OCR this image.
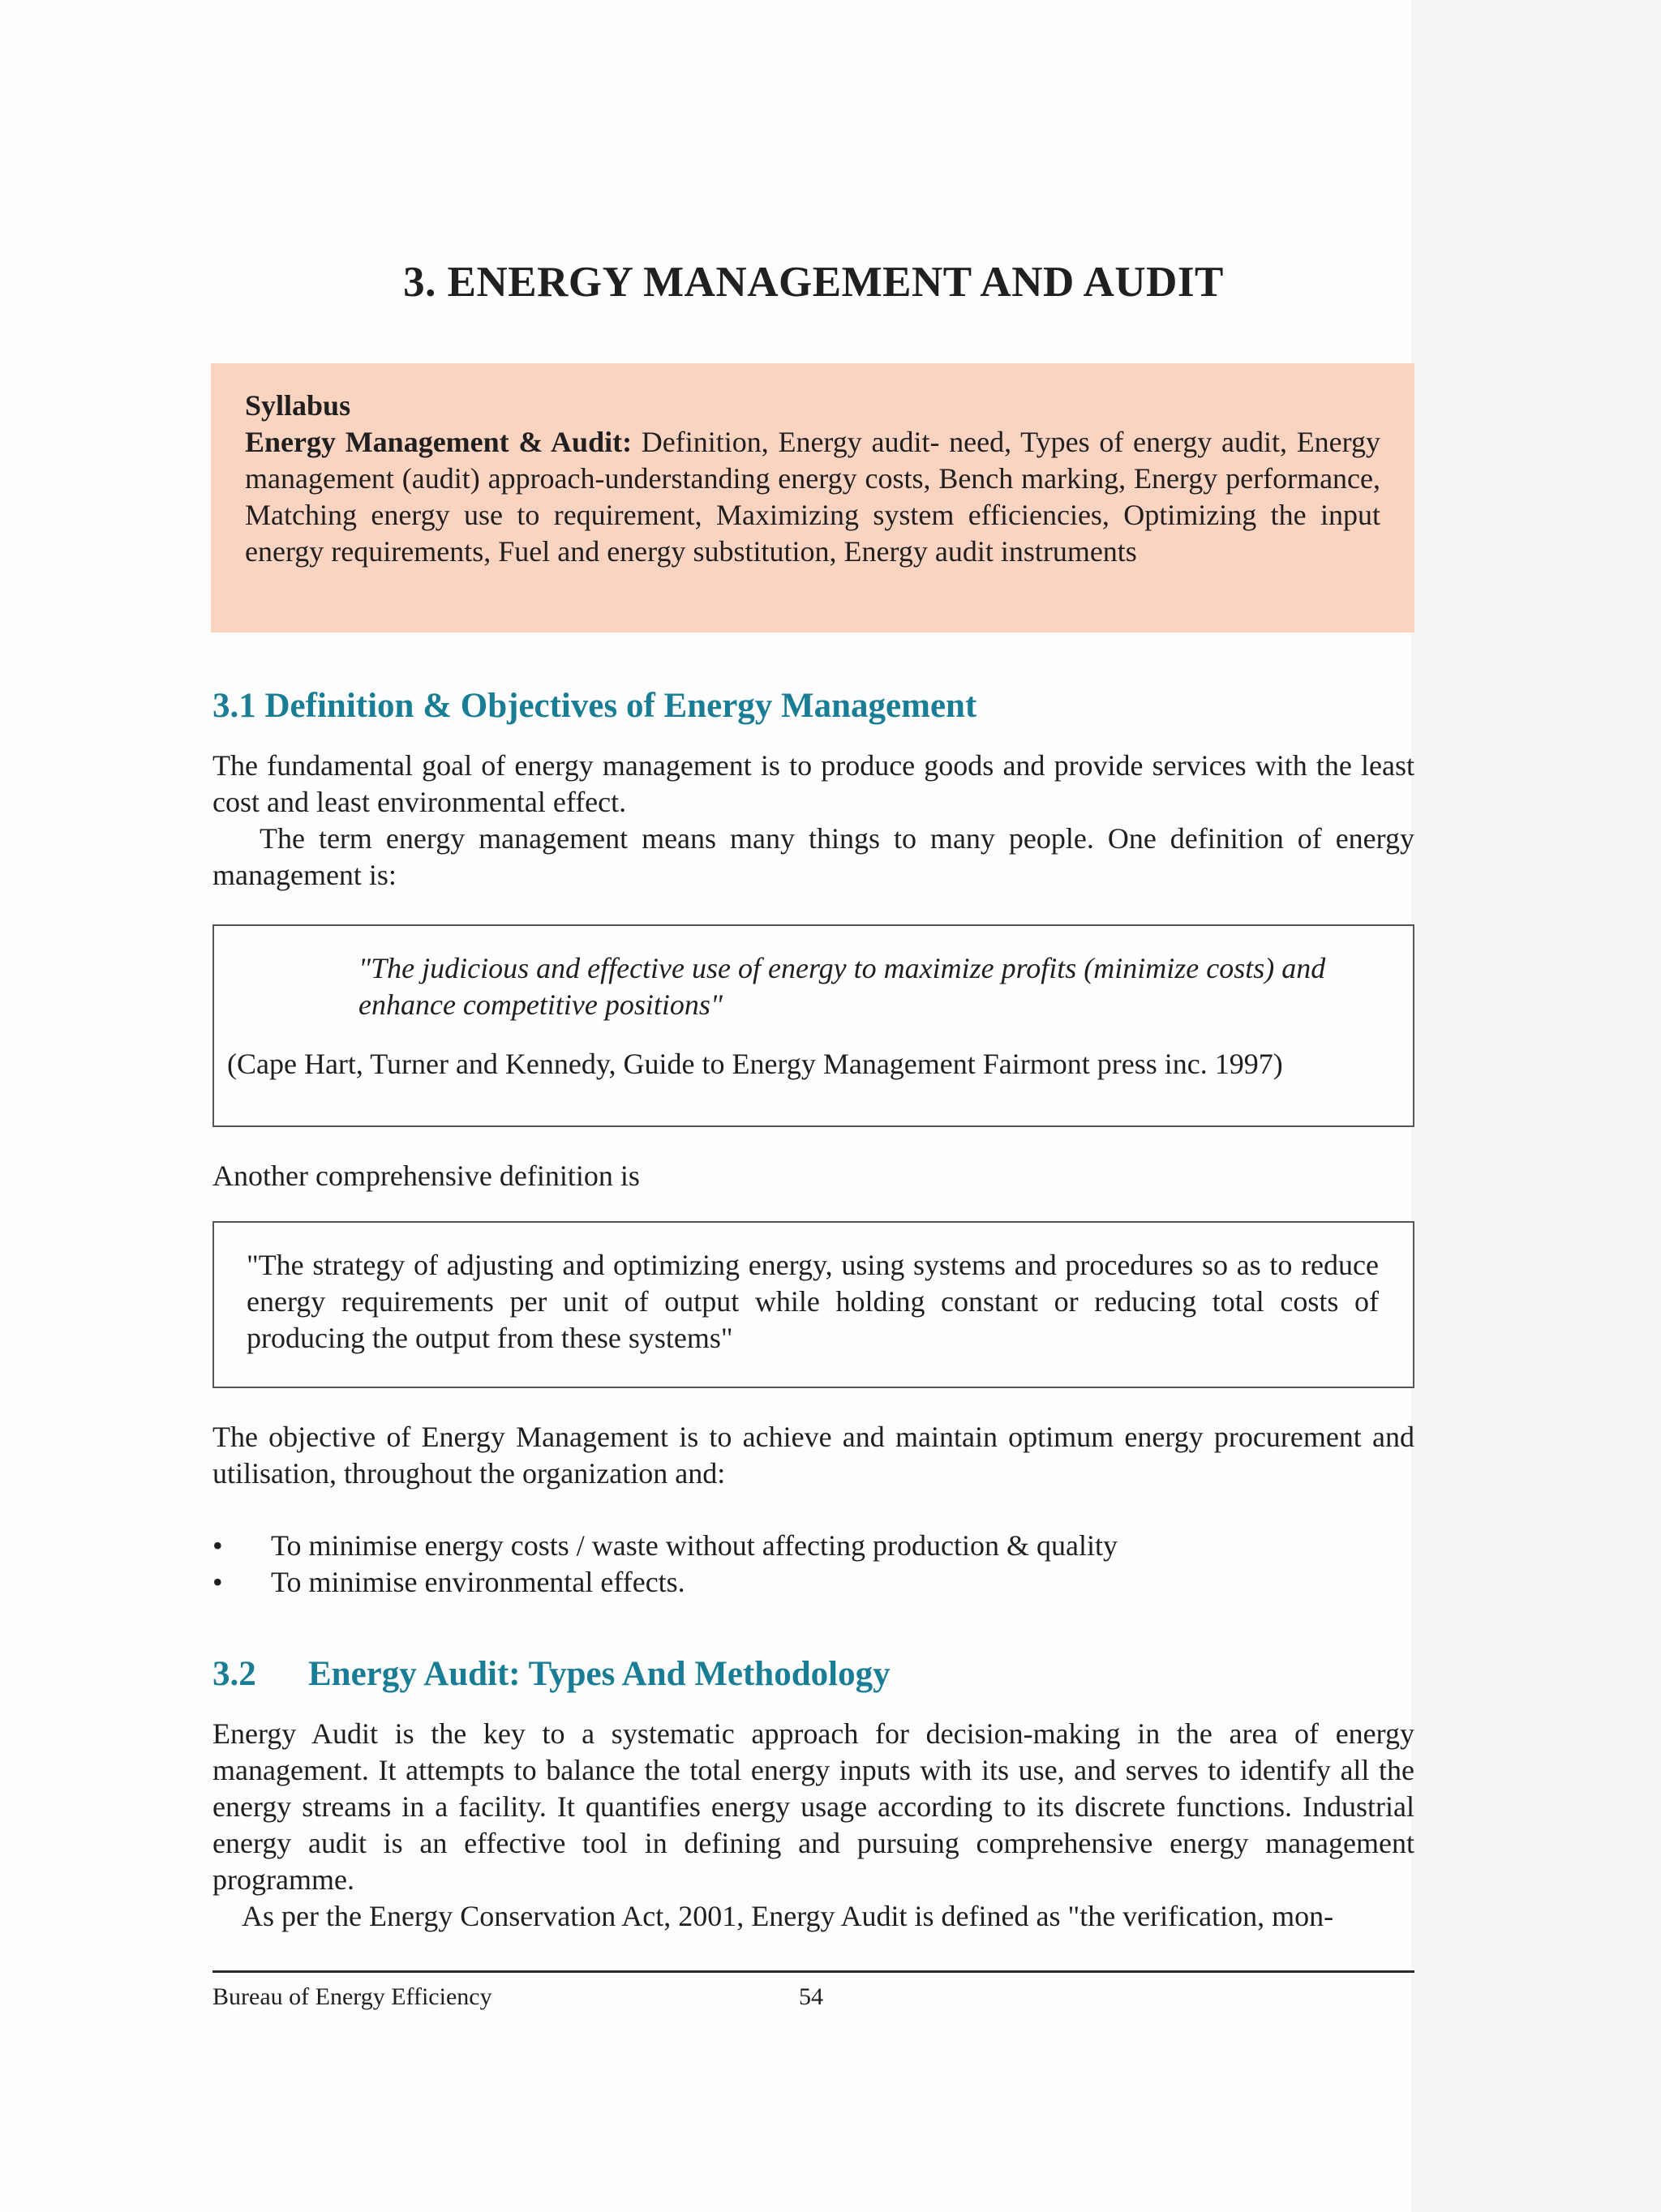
3. ENERGY MANAGEMENT AND AUDIT
Syllabus
Energy Management & Audit: Definition, Energy audit- need, Types of energy audit, Energy management (audit) approach-understanding energy costs, Bench marking, Energy performance, Matching energy use to requirement, Maximizing system efficiencies, Optimizing the input energy requirements, Fuel and energy substitution, Energy audit instruments
3.1 Definition & Objectives of Energy Management
The fundamental goal of energy management is to produce goods and provide services with the least cost and least environmental effect.
The term energy management means many things to many people. One definition of energy management is:
"The judicious and effective use of energy to maximize profits (minimize costs) and enhance competitive positions"
(Cape Hart, Turner and Kennedy, Guide to Energy Management Fairmont press inc. 1997)
Another comprehensive definition is
"The strategy of adjusting and optimizing energy, using systems and procedures so as to reduce energy requirements per unit of output while holding constant or reducing total costs of producing the output from these systems"
The objective of Energy Management is to achieve and maintain optimum energy procurement and utilisation, throughout the organization and:
• To minimise energy costs / waste without affecting production & quality
• To minimise environmental effects.
3.2 Energy Audit: Types And Methodology
Energy Audit is the key to a systematic approach for decision-making in the area of energy management. It attempts to balance the total energy inputs with its use, and serves to identify all the energy streams in a facility. It quantifies energy usage according to its discrete functions. Industrial energy audit is an effective tool in defining and pursuing comprehensive energy management programme.
As per the Energy Conservation Act, 2001, Energy Audit is defined as "the verification, mon-
Bureau of Energy Efficiency	54
